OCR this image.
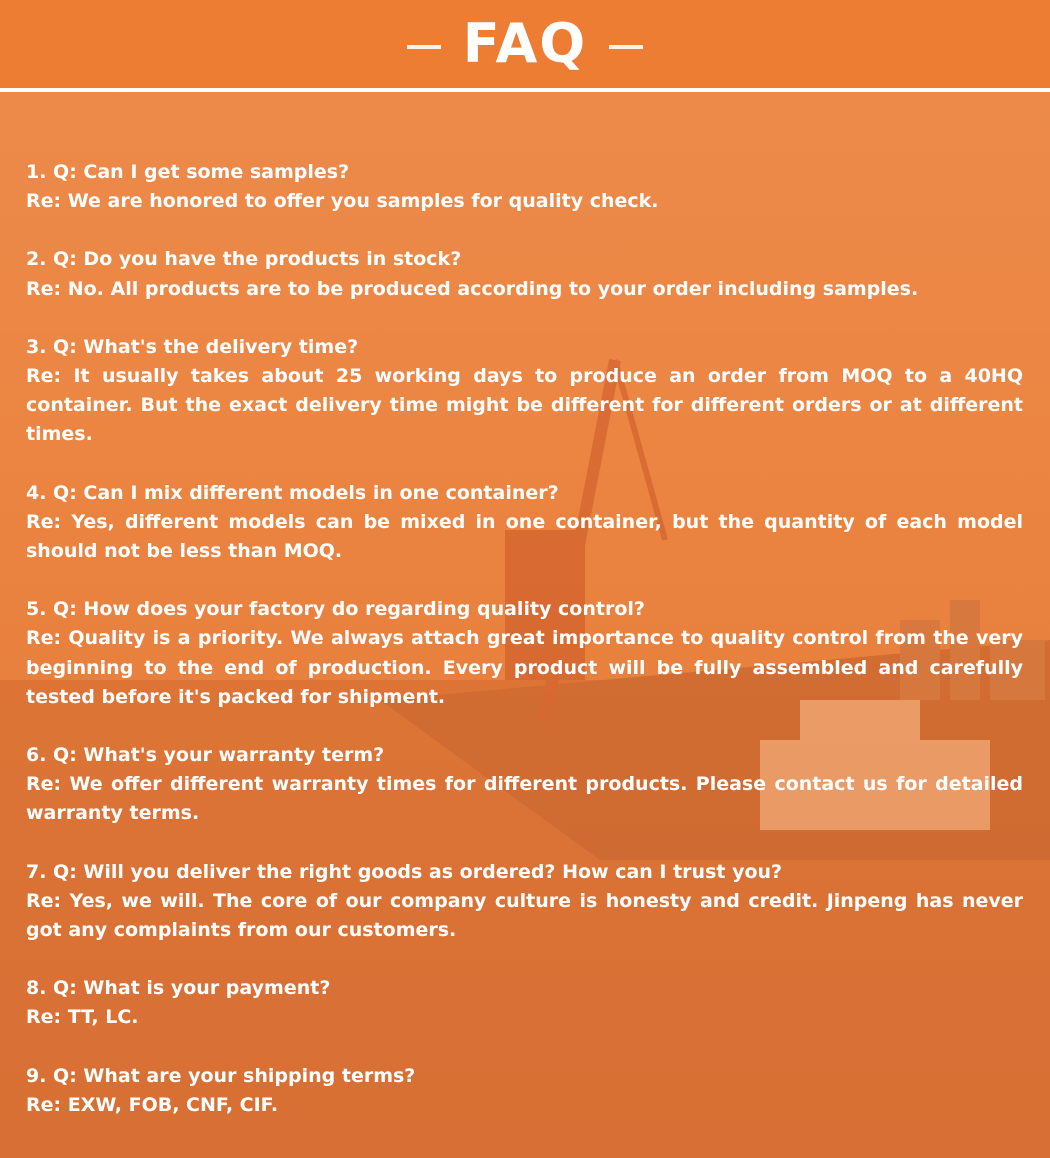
FAQ
1. Q: Can I get some samples?
Re: We are honored to offer you samples for quality check.
2. Q: Do you have the products in stock?
Re: No. All products are to be produced according to your order including samples.
3. Q: What's the delivery time?
Re: It usually takes about 25 working days to produce an order from MOQ to a 40HQ container. But the exact delivery time might be different for different orders or at different times.
4. Q: Can I mix different models in one container?
Re: Yes, different models can be mixed in one container, but the quantity of each model should not be less than MOQ.
5. Q: How does your factory do regarding quality control?
Re: Quality is a priority. We always attach great importance to quality control from the very beginning to the end of production. Every product will be fully assembled and carefully tested before it's packed for shipment.
6. Q: What's your warranty term?
Re: We offer different warranty times for different products. Please contact us for detailed warranty terms.
7. Q: Will you deliver the right goods as ordered? How can I trust you?
Re: Yes, we will. The core of our company culture is honesty and credit. Jinpeng has never got any complaints from our customers.
8. Q: What is your payment?
Re: TT, LC.
9. Q: What are your shipping terms?
Re: EXW, FOB, CNF, CIF.
